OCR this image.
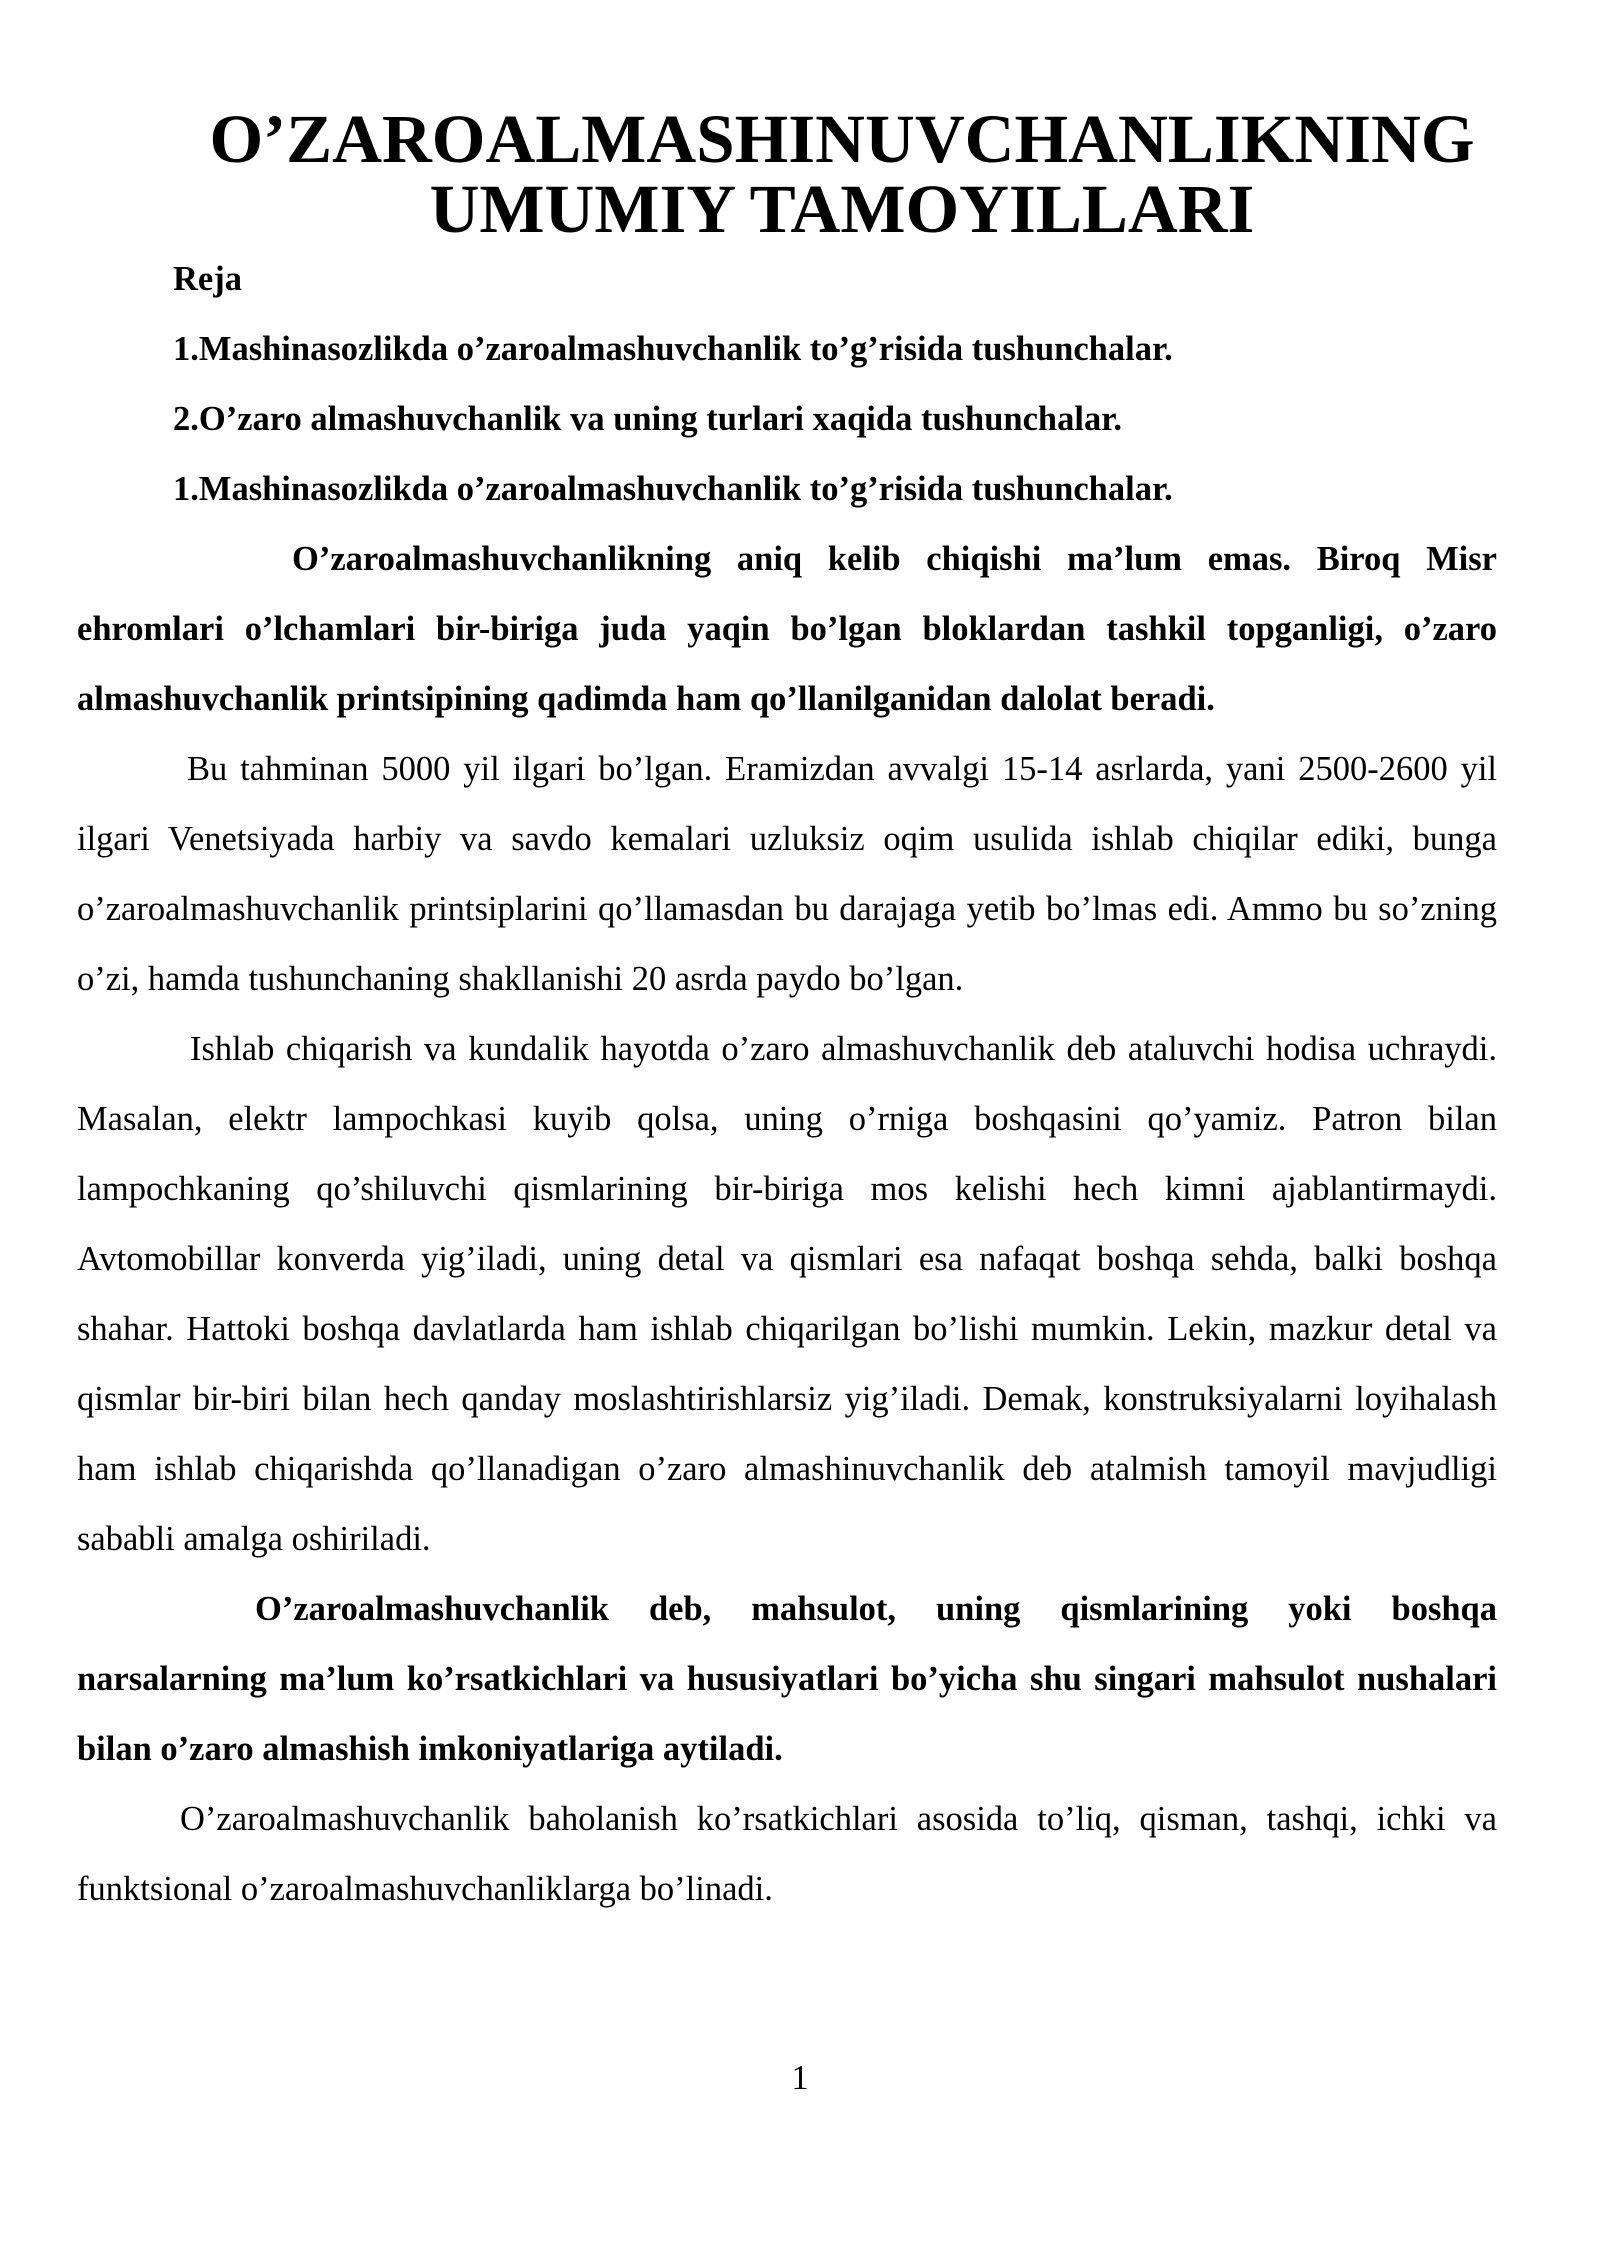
O’ZAROALMASHINUVCHANLIKNING UMUMIY TAMOYILLARI
Reja
1.Mashinasozlikda o’zaroalmashuvchanlik to’g’risida tushunchalar.
2.O’zaro almashuvchanlik va uning turlari xaqida tushunchalar.
1.Mashinasozlikda o’zaroalmashuvchanlik to’g’risida tushunchalar.

O’zaroalmashuvchanlikning aniq kelib chiqishi ma’lum emas. Biroq Misr ehromlari o’lchamlari bir-biriga juda yaqin bo’lgan bloklardan tashkil topganligi, o’zaro almashuvchanlik printsipining qadimda ham qo’llanilganidan dalolat beradi.

Bu tahminan 5000 yil ilgari bo’lgan. Eramizdan avvalgi 15-14 asrlarda, yani 2500-2600 yil ilgari Venetsiyada harbiy va savdo kemalari uzluksiz oqim usulida ishlab chiqilar ediki, bunga o’zaroalmashuvchanlik printsiplarini qo’llamasdan bu darajaga yetib bo’lmas edi. Ammo bu so’zning o’zi, hamda tushunchaning shakllanishi 20 asrda paydo bo’lgan.

Ishlab chiqarish va kundalik hayotda o’zaro almashuvchanlik deb ataluvchi hodisa uchraydi. Masalan, elektr lampochkasi kuyib qolsa, uning o’rniga boshqasini qo’yamiz. Patron bilan lampochkaning qo’shiluvchi qismlarining bir-biriga mos kelishi hech kimni ajablantirmaydi. Avtomobillar konverda yig’iladi, uning detal va qismlari esa nafaqat boshqa sehda, balki boshqa shahar. Hattoki boshqa davlatlarda ham ishlab chiqarilgan bo’lishi mumkin. Lekin, mazkur detal va qismlar bir-biri bilan hech qanday moslashtirishlarsiz yig’iladi. Demak, konstruksiyalarni loyihalash ham ishlab chiqarishda qo’llanadigan o’zaro almashinuvchanlik deb atalmish tamoyil mavjudligi sababli amalga oshiriladi.

O’zaroalmashuvchanlik deb, mahsulot, uning qismlarining yoki boshqa narsalarning ma’lum ko’rsatkichlari va hususiyatlari bo’yicha shu singari mahsulot nushalari bilan o’zaro almashish imkoniyatlariga aytiladi.

O’zaroalmashuvchanlik baholanish ko’rsatkichlari asosida to’liq, qisman, tashqi, ichki va funktsional o’zaroalmashuvchanliklarga bo’linadi.

1
